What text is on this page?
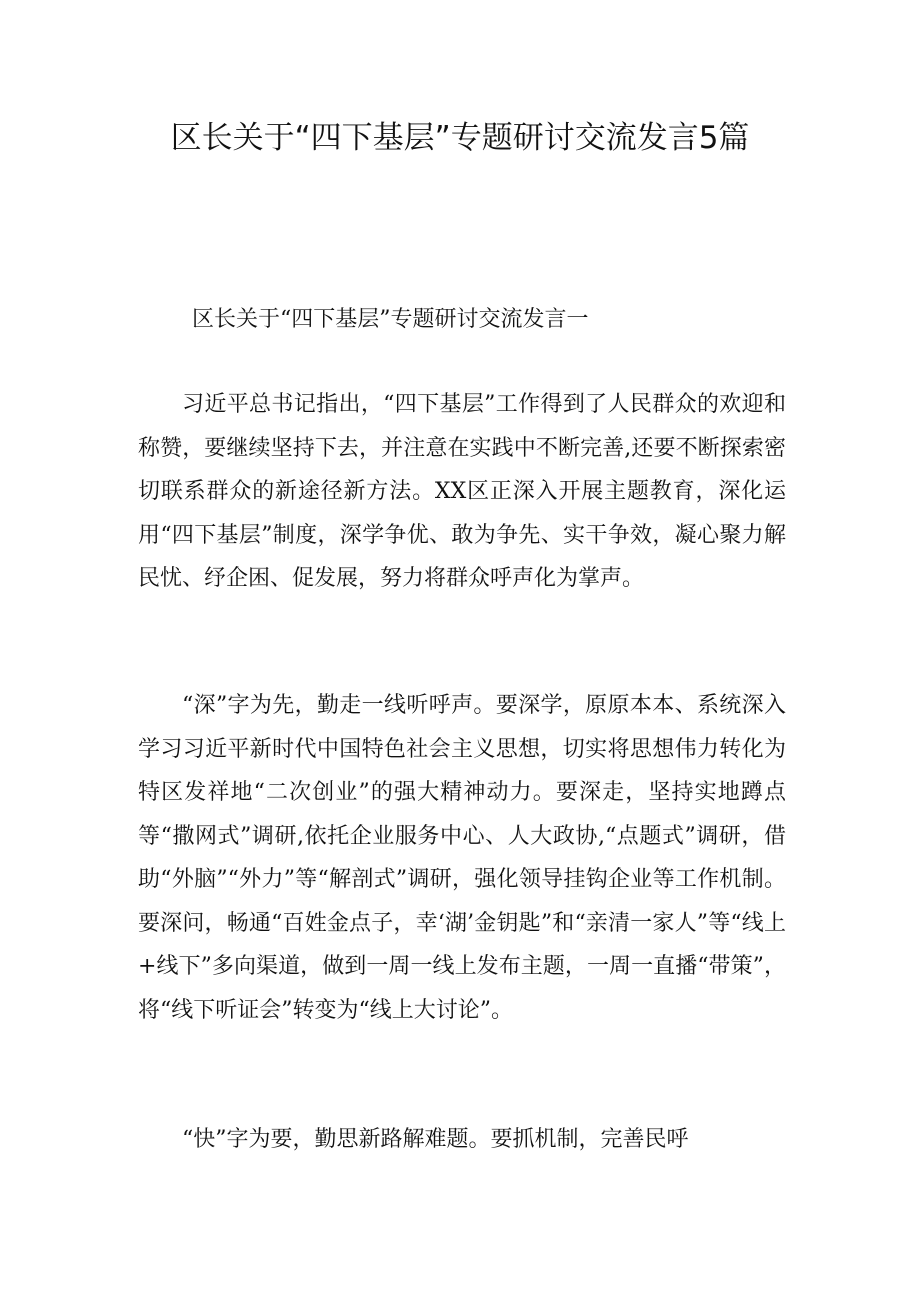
区长关于“四下基层”专题研讨交流发言5篇

区长关于“四下基层”专题研讨交流发言一

习近平总书记指出，“四下基层”工作得到了人民群众的欢迎和称赞，要继续坚持下去，并注意在实践中不断完善,还要不断探索密切联系群众的新途径新方法。XX区正深入开展主题教育，深化运用“四下基层”制度，深学争优、敢为争先、实干争效，凝心聚力解民忧、纾企困、促发展，努力将群众呼声化为掌声。

“深”字为先，勤走一线听呼声。要深学，原原本本、系统深入学习习近平新时代中国特色社会主义思想，切实将思想伟力转化为特区发祥地“二次创业”的强大精神动力。要深走，坚持实地蹲点等“撒网式”调研,依托企业服务中心、人大政协,“点题式”调研，借助“外脑”“外力”等“解剖式”调研，强化领导挂钩企业等工作机制。要深问，畅通“百姓金点子，幸‘湖’金钥匙”和“亲清一家人”等“线上+线下”多向渠道，做到一周一线上发布主题，一周一直播“带策”，将“线下听证会”转变为“线上大讨论”。

“快”字为要，勤思新路解难题。要抓机制，完善民呼
